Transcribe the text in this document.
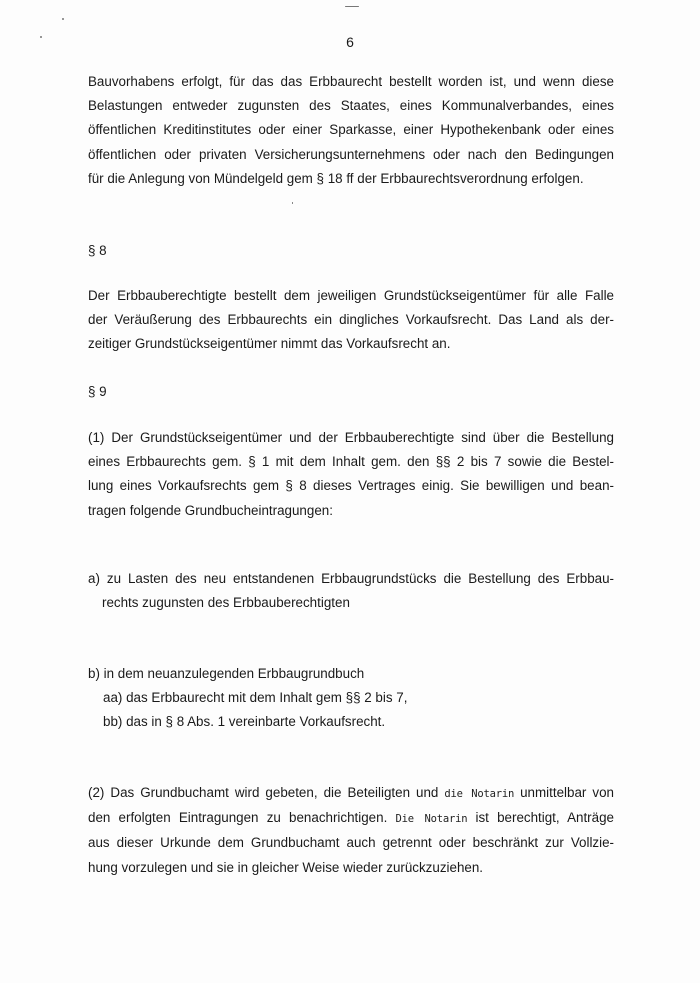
6
Bauvorhabens erfolgt, für das das Erbbaurecht bestellt worden ist, und wenn diese
Belastungen entweder zugunsten des Staates, eines Kommunalverbandes, eines
öffentlichen Kreditinstitutes oder einer Sparkasse, einer Hypothekenbank oder eines
öffentlichen oder privaten Versicherungsunternehmens oder nach den Bedingungen
für die Anlegung von Mündelgeld gem § 18 ff der Erbbaurechtsverordnung erfolgen.
§ 8
Der Erbbauberechtigte bestellt dem jeweiligen Grundstückseigentümer für alle Falle
der Veräußerung des Erbbaurechts ein dingliches Vorkaufsrecht. Das Land als der-
zeitiger Grundstückseigentümer nimmt das Vorkaufsrecht an.
§ 9
(1) Der Grundstückseigentümer und der Erbbauberechtigte sind über die Bestellung
eines Erbbaurechts gem. § 1 mit dem Inhalt gem. den §§ 2 bis 7 sowie die Bestel-
lung eines Vorkaufsrechts gem § 8 dieses Vertrages einig. Sie bewilligen und bean-
tragen folgende Grundbucheintragungen:
a) zu Lasten des neu entstandenen Erbbaugrundstücks die Bestellung des Erbbau-
rechts zugunsten des Erbbauberechtigten
b) in dem neuanzulegenden Erbbaugrundbuch
aa) das Erbbaurecht mit dem Inhalt gem §§ 2 bis 7,
bb) das in § 8 Abs. 1 vereinbarte Vorkaufsrecht.
(2) Das Grundbuchamt wird gebeten, die Beteiligten und die Notarin unmittelbar von
den erfolgten Eintragungen zu benachrichtigen. Die Notarin ist berechtigt, Anträge
aus dieser Urkunde dem Grundbuchamt auch getrennt oder beschränkt zur Vollzie-
hung vorzulegen und sie in gleicher Weise wieder zurückzuziehen.
